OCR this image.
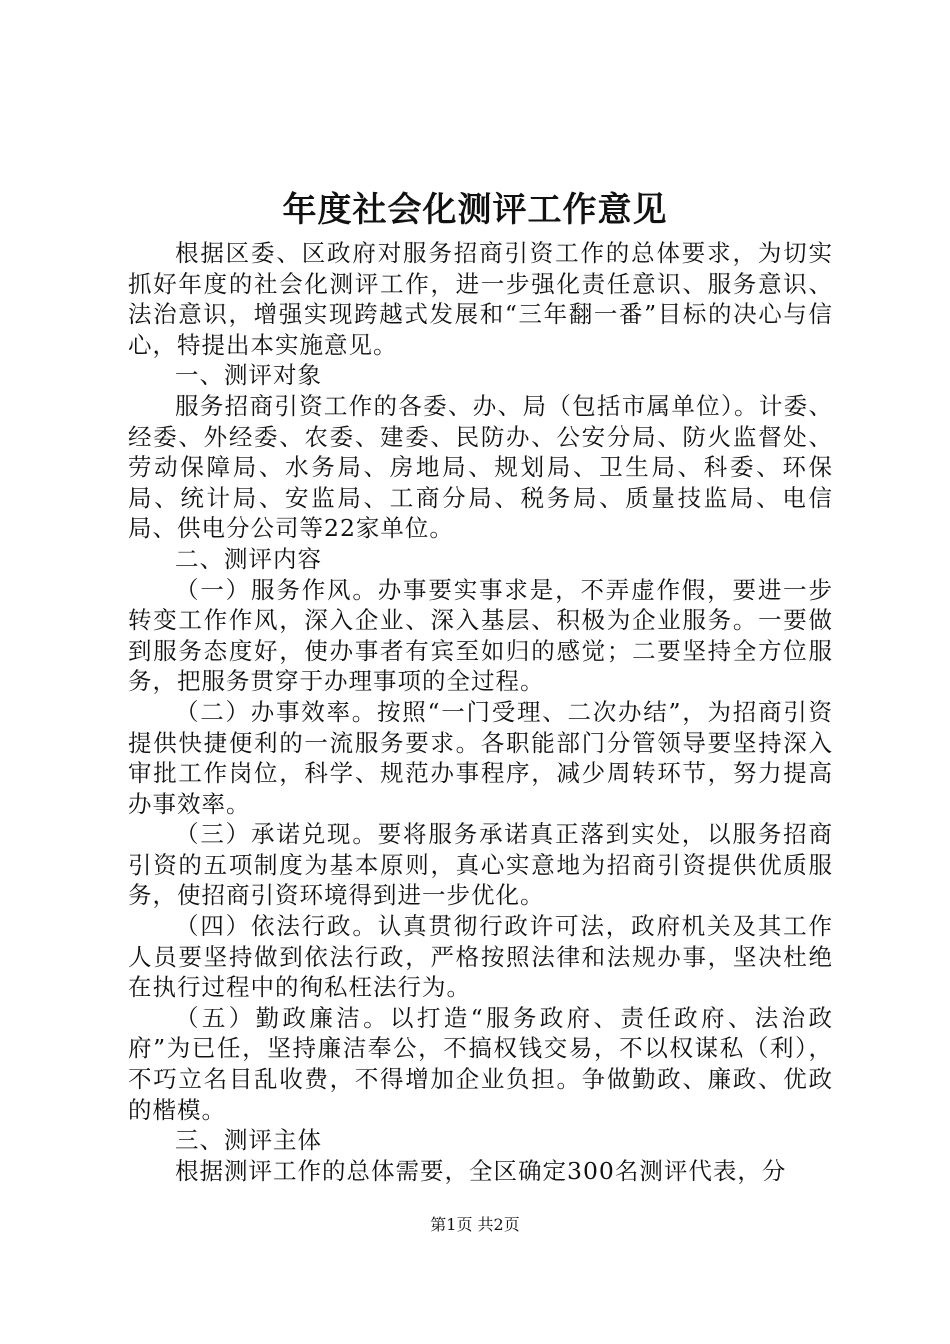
年度社会化测评工作意见

根据区委、区政府对服务招商引资工作的总体要求，为切实抓好年度的社会化测评工作，进一步强化责任意识、服务意识、法治意识，增强实现跨越式发展和“三年翻一番”目标的决心与信心，特提出本实施意见。

一、测评对象

服务招商引资工作的各委、办、局（包括市属单位）。计委、经委、外经委、农委、建委、民防办、公安分局、防火监督处、劳动保障局、水务局、房地局、规划局、卫生局、科委、环保局、统计局、安监局、工商分局、税务局、质量技监局、电信局、供电分公司等22家单位。

二、测评内容

（一）服务作风。办事要实事求是，不弄虚作假，要进一步转变工作作风，深入企业、深入基层、积极为企业服务。一要做到服务态度好，使办事者有宾至如归的感觉；二要坚持全方位服务，把服务贯穿于办理事项的全过程。

（二）办事效率。按照“一门受理、二次办结”，为招商引资提供快捷便利的一流服务要求。各职能部门分管领导要坚持深入审批工作岗位，科学、规范办事程序，减少周转环节，努力提高办事效率。

（三）承诺兑现。要将服务承诺真正落到实处，以服务招商引资的五项制度为基本原则，真心实意地为招商引资提供优质服务，使招商引资环境得到进一步优化。

（四）依法行政。认真贯彻行政许可法，政府机关及其工作人员要坚持做到依法行政，严格按照法律和法规办事，坚决杜绝在执行过程中的徇私枉法行为。

（五）勤政廉洁。以打造“服务政府、责任政府、法治政府”为已任，坚持廉洁奉公，不搞权钱交易，不以权谋私（利），不巧立名目乱收费，不得增加企业负担。争做勤政、廉政、优政的楷模。

三、测评主体

根据测评工作的总体需要，全区确定300名测评代表，分

第1页 共2页
